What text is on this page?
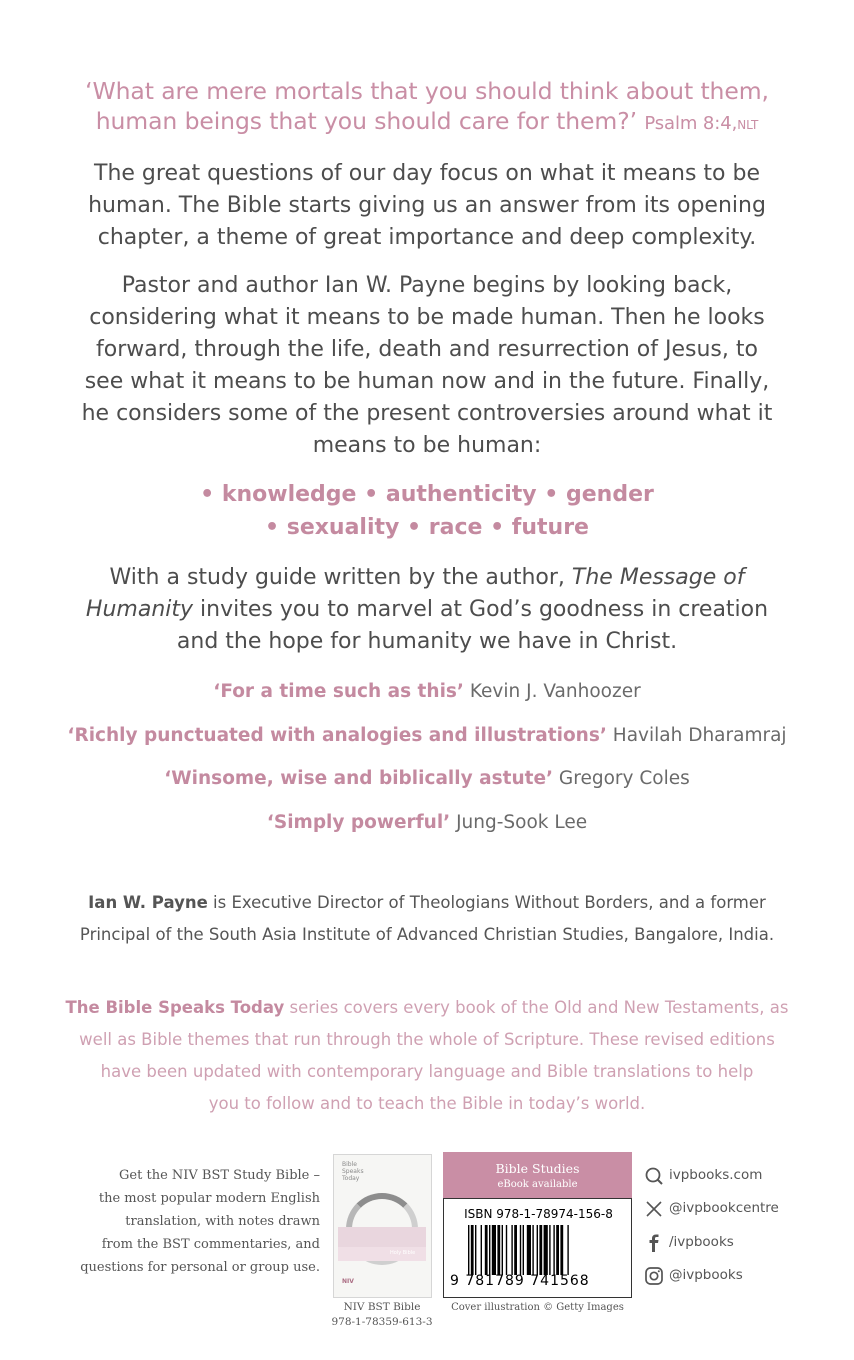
‘What are mere mortals that you should think about them,
human beings that you should care for them?’ Psalm 8:4,NLT
The great questions of our day focus on what it means to be
human. The Bible starts giving us an answer from its opening
chapter, a theme of great importance and deep complexity.
Pastor and author Ian W. Payne begins by looking back,
considering what it means to be made human. Then he looks
forward, through the life, death and resurrection of Jesus, to
see what it means to be human now and in the future. Finally,
he considers some of the present controversies around what it
means to be human:
• knowledge • authenticity • gender
• sexuality • race • future
With a study guide written by the author, The Message of
Humanity invites you to marvel at God’s goodness in creation
and the hope for humanity we have in Christ.
‘For a time such as this’ Kevin J. Vanhoozer
‘Richly punctuated with analogies and illustrations’ Havilah Dharamraj
‘Winsome, wise and biblically astute’ Gregory Coles
‘Simply powerful’ Jung-Sook Lee
Ian W. Payne is Executive Director of Theologians Without Borders, and a former
Principal of the South Asia Institute of Advanced Christian Studies, Bangalore, India.
The Bible Speaks Today series covers every book of the Old and New Testaments, as
well as Bible themes that run through the whole of Scripture. These revised editions
have been updated with contemporary language and Bible translations to help
you to follow and to teach the Bible in today’s world.
Get the NIV BST Study Bible –
the most popular modern English
translation, with notes drawn
from the BST commentaries, and
questions for personal or group use.
Bible Speaks Today
Holy Bible
NIV
NIV BST Bible
978-1-78359-613-3
Bible Studies
eBook available
ISBN 978-1-78974-156-8
9 781789 741568
Cover illustration © Getty Images
ivpbooks.com
@ivpbookcentre
/ivpbooks
@ivpbooks
